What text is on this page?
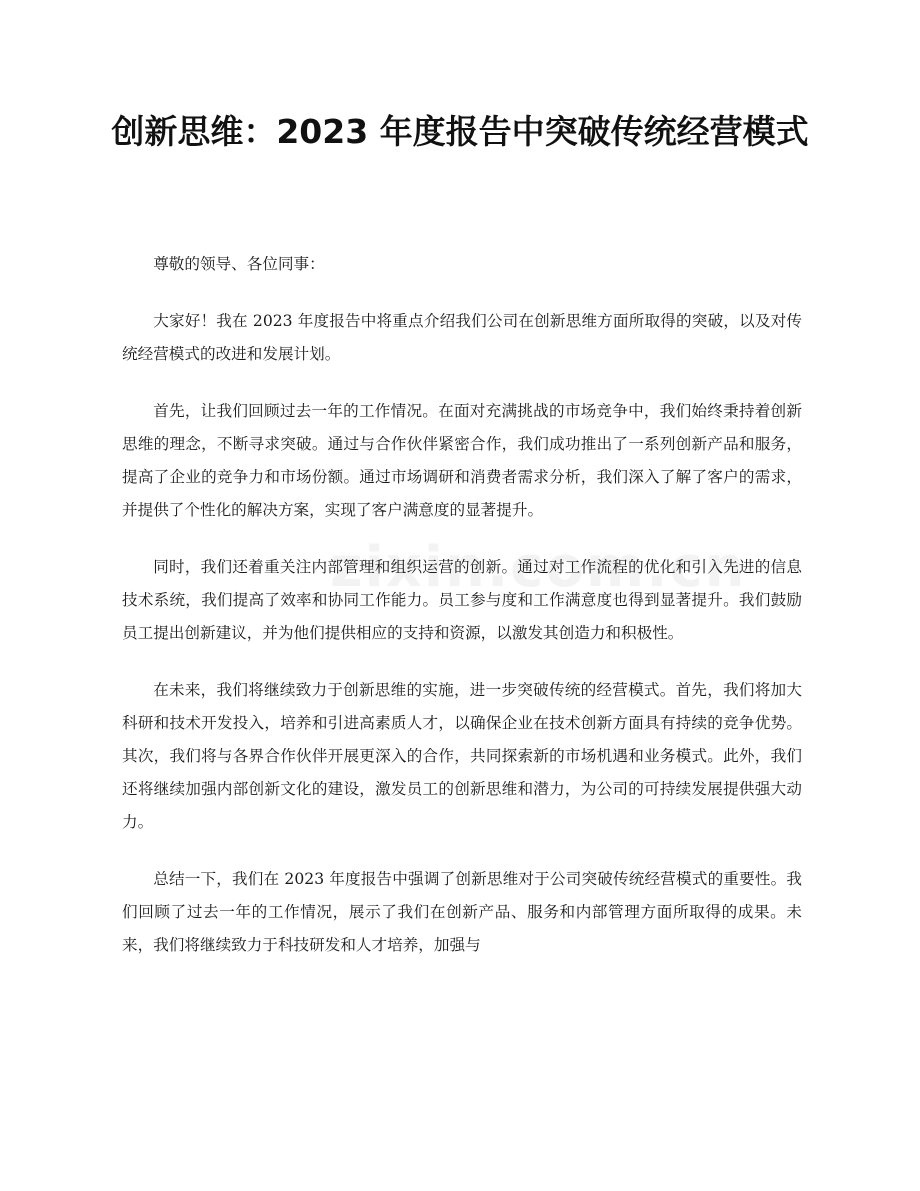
创新思维：2023 年度报告中突破传统经营模式

尊敬的领导、各位同事：

大家好！我在 2023 年度报告中将重点介绍我们公司在创新思维方面所取得的突破，以及对传统经营模式的改进和发展计划。

首先，让我们回顾过去一年的工作情况。在面对充满挑战的市场竞争中，我们始终秉持着创新思维的理念，不断寻求突破。通过与合作伙伴紧密合作，我们成功推出了一系列创新产品和服务，提高了企业的竞争力和市场份额。通过市场调研和消费者需求分析，我们深入了解了客户的需求，并提供了个性化的解决方案，实现了客户满意度的显著提升。

同时，我们还着重关注内部管理和组织运营的创新。通过对工作流程的优化和引入先进的信息技术系统，我们提高了效率和协同工作能力。员工参与度和工作满意度也得到显著提升。我们鼓励员工提出创新建议，并为他们提供相应的支持和资源，以激发其创造力和积极性。

在未来，我们将继续致力于创新思维的实施，进一步突破传统的经营模式。首先，我们将加大科研和技术开发投入，培养和引进高素质人才，以确保企业在技术创新方面具有持续的竞争优势。其次，我们将与各界合作伙伴开展更深入的合作，共同探索新的市场机遇和业务模式。此外，我们还将继续加强内部创新文化的建设，激发员工的创新思维和潜力，为公司的可持续发展提供强大动力。

总结一下，我们在 2023 年度报告中强调了创新思维对于公司突破传统经营模式的重要性。我们回顾了过去一年的工作情况，展示了我们在创新产品、服务和内部管理方面所取得的成果。未来，我们将继续致力于科技研发和人才培养，加强与
